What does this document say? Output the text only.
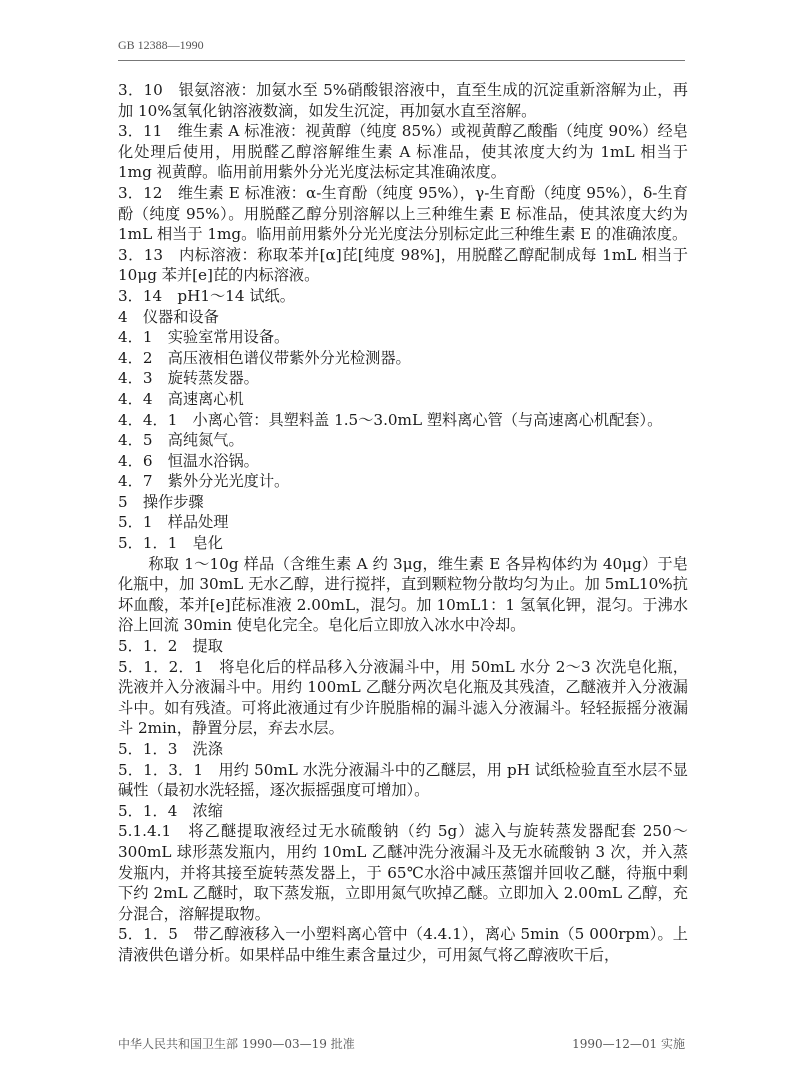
GB 12388—1990

3．10　银氨溶液：加氨水至 5%硝酸银溶液中，直至生成的沉淀重新溶解为止，再加 10%氢氧化钠溶液数滴，如发生沉淀，再加氨水直至溶解。

3．11　维生素 A 标准液：视黄醇（纯度 85%）或视黄醇乙酸酯（纯度 90%）经皂化处理后使用，用脱醛乙醇溶解维生素 A 标准品，使其浓度大约为 1mL 相当于 1mg 视黄醇。临用前用紫外分光光度法标定其准确浓度。

3．12　维生素 E 标准液：α-生育酚（纯度 95%），γ-生育酚（纯度 95%），δ-生育酚（纯度 95%）。用脱醛乙醇分别溶解以上三种维生素 E 标准品，使其浓度大约为 1mL 相当于 1mg。临用前用紫外分光光度法分别标定此三种维生素 E 的准确浓度。

3．13　内标溶液：称取苯并[α]芘[纯度 98%]，用脱醛乙醇配制成每 1mL 相当于 10μg 苯并[e]芘的内标溶液。

3．14　pH1～14 试纸。

4　仪器和设备

4．1　实验室常用设备。

4．2　高压液相色谱仪带紫外分光检测器。

4．3　旋转蒸发器。

4．4　高速离心机

4．4．1　小离心管：具塑料盖 1.5～3.0mL 塑料离心管（与高速离心机配套）。

4．5　高纯氮气。

4．6　恒温水浴锅。

4．7　紫外分光光度计。

5　操作步骤

5．1　样品处理

5．1．1　皂化

称取 1～10g 样品（含维生素 A 约 3μg，维生素 E 各异构体约为 40μg）于皂化瓶中，加 30mL 无水乙醇，进行搅拌，直到颗粒物分散均匀为止。加 5mL10%抗坏血酸，苯并[e]芘标准液 2.00mL，混匀。加 10mL1：1 氢氧化钾，混匀。于沸水浴上回流 30min 使皂化完全。皂化后立即放入冰水中冷却。

5．1．2　提取

5．1．2．1　将皂化后的样品移入分液漏斗中，用 50mL 水分 2～3 次洗皂化瓶，洗液并入分液漏斗中。用约 100mL 乙醚分两次皂化瓶及其残渣，乙醚液并入分液漏斗中。如有残渣。可将此液通过有少许脱脂棉的漏斗滤入分液漏斗。轻轻振摇分液漏斗 2min，静置分层，弃去水层。

5．1．3　洗涤

5．1．3．1　用约 50mL 水洗分液漏斗中的乙醚层，用 pH 试纸检验直至水层不显碱性（最初水洗轻摇，逐次振摇强度可增加）。

5．1．4　浓缩

5.1.4.1　将乙醚提取液经过无水硫酸钠（约 5g）滤入与旋转蒸发器配套 250～300mL 球形蒸发瓶内，用约 10mL 乙醚冲洗分液漏斗及无水硫酸钠 3 次，并入蒸发瓶内，并将其接至旋转蒸发器上，于 65℃水浴中减压蒸馏并回收乙醚，待瓶中剩下约 2mL 乙醚时，取下蒸发瓶，立即用氮气吹掉乙醚。立即加入 2.00mL 乙醇，充分混合，溶解提取物。

5．1．5　带乙醇液移入一小塑料离心管中（4.4.1），离心 5min（5 000rpm）。上清液供色谱分析。如果样品中维生素含量过少，可用氮气将乙醇液吹干后，

中华人民共和国卫生部 1990—03—19 批准	1990—12—01 实施
